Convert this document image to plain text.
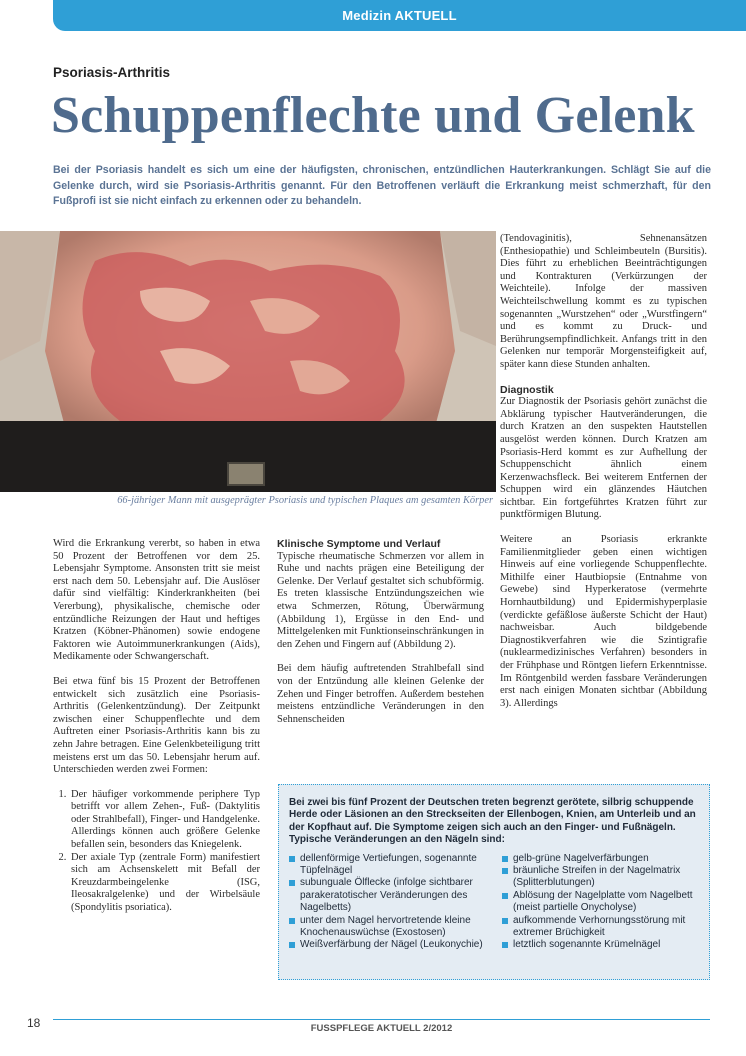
Medizin AKTUELL
Psoriasis-Arthritis
Schuppenflechte und Gelenk
Bei der Psoriasis handelt es sich um eine der häufigsten, chronischen, entzündlichen Hauterkrankungen. Schlägt Sie auf die Gelenke durch, wird sie Psoriasis-Arthritis genannt. Für den Betroffenen verläuft die Erkrankung meist schmerzhaft, für den Fußprofi ist sie nicht einfach zu erkennen oder zu behandeln.
66-jähriger Mann mit ausgeprägter Psoriasis und typischen Plaques am gesamten Körper

Wird die Erkrankung vererbt, so haben in etwa 50 Prozent der Betroffenen vor dem 25. Lebensjahr Symptome. Ansonsten tritt sie meist erst nach dem 50. Lebensjahr auf. Die Auslöser dafür sind vielfältig: Kinderkrankheiten (bei Vererbung), physikalische, chemische oder entzündliche Reizungen der Haut und heftiges Kratzen (Köbner-Phänomen) sowie endogene Faktoren wie Autoimmunerkrankungen (Aids), Medikamente oder Schwangerschaft.

Bei etwa fünf bis 15 Prozent der Betroffenen entwickelt sich zusätzlich eine Psoriasis-Arthritis (Gelenkentzündung). Der Zeitpunkt zwischen einer Schuppenflechte und dem Auftreten einer Psoriasis-Arthritis kann bis zu zehn Jahre betragen. Eine Gelenkbeteiligung tritt meistens erst um das 50. Lebensjahr herum auf. Unterschieden werden zwei Formen:

1. Der häufiger vorkommende periphere Typ betrifft vor allem Zehen-, Fuß- (Daktylitis oder Strahlbefall), Finger- und Handgelenke. Allerdings können auch größere Gelenke befallen sein, besonders das Kniegelenk.
2. Der axiale Typ (zentrale Form) manifestiert sich am Achsenskelett mit Befall der Kreuzdarmbeingelenke (ISG, Ileosakralgelenke) und der Wirbelsäule (Spondylitis psoriatica).
Klinische Symptome und Verlauf

Typische rheumatische Schmerzen vor allem in Ruhe und nachts prägen eine Beteiligung der Gelenke. Der Verlauf gestaltet sich schubförmig. Es treten klassische Entzündungszeichen wie etwa Schmerzen, Rötung, Überwärmung (Abbildung 1), Ergüsse in den End- und Mittelgelenken mit Funktionseinschränkungen in den Zehen und Fingern auf (Abbildung 2).

Bei dem häufig auftretenden Strahlbefall sind von der Entzündung alle kleinen Gelenke der Zehen und Finger betroffen. Außerdem bestehen meistens entzündliche Veränderungen in den Sehnenscheiden

(Tendovaginitis), Sehnenansätzen (Enthesiopathie) und Schleimbeuteln (Bursitis). Dies führt zu erheblichen Beeinträchtigungen und Kontrakturen (Verkürzungen der Weichteile). Infolge der massiven Weichteilschwellung kommt es zu typischen sogenannten „Wurstzehen“ oder „Wurstfingern“ und es kommt zu Druck- und Berührungsempfindlichkeit. Anfangs tritt in den Gelenken nur temporär Morgensteifigkeit auf, später kann diese Stunden anhalten.

Diagnostik

Zur Diagnostik der Psoriasis gehört zunächst die Abklärung typischer Hautveränderungen, die durch Kratzen an den suspekten Hautstellen ausgelöst werden können. Durch Kratzen am Psoriasis-Herd kommt es zur Aufhellung der Schuppenschicht ähnlich einem Kerzenwachsfleck. Bei weiterem Entfernen der Schuppen wird ein glänzendes Häutchen sichtbar. Ein fortgeführtes Kratzen führt zur punktförmigen Blutung.

Weitere an Psoriasis erkrankte Familienmitglieder geben einen wichtigen Hinweis auf eine vorliegende Schuppenflechte. Mithilfe einer Hautbiopsie (Entnahme von Gewebe) sind Hyperkeratose (vermehrte Hornhautbildung) und Epidermishyperplasie (verdickte gefäßlose äußerste Schicht der Haut) nachweisbar. Auch bildgebende Diagnostikverfahren wie die Szintigrafie (nuklearmedizinisches Verfahren) besonders in der Frühphase und Röntgen liefern Erkenntnisse. Im Röntgenbild werden fassbare Veränderungen erst nach einigen Monaten sichtbar (Abbildung 3). Allerdings

Bei zwei bis fünf Prozent der Deutschen treten begrenzt gerötete, silbrig schuppende Herde oder Läsionen an den Streckseiten der Ellenbogen, Knien, am Unterleib und an der Kopfhaut auf. Die Symptome zeigen sich auch an den Finger- und Fußnägeln. Typische Veränderungen an den Nägeln sind:
dellenförmige Vertiefungen, sogenannte Tüpfelnägel
subunguale Ölflecke (infolge sichtbarer parakeratotischer Veränderungen des Nagelbetts)
unter dem Nagel hervortretende kleine Knochenauswüchse (Exostosen)
Weißverfärbung der Nägel (Leukonychie)
gelb-grüne Nagelverfärbungen
bräunliche Streifen in der Nagelmatrix (Splitterblutungen)
Ablösung der Nagelplatte vom Nagelbett (meist partielle Onycholyse)
aufkommende Verhornungsstörung mit extremer Brüchigkeit
letztlich sogenannte Krümelnägel
18	FUSSPFLEGE AKTUELL 2/2012
